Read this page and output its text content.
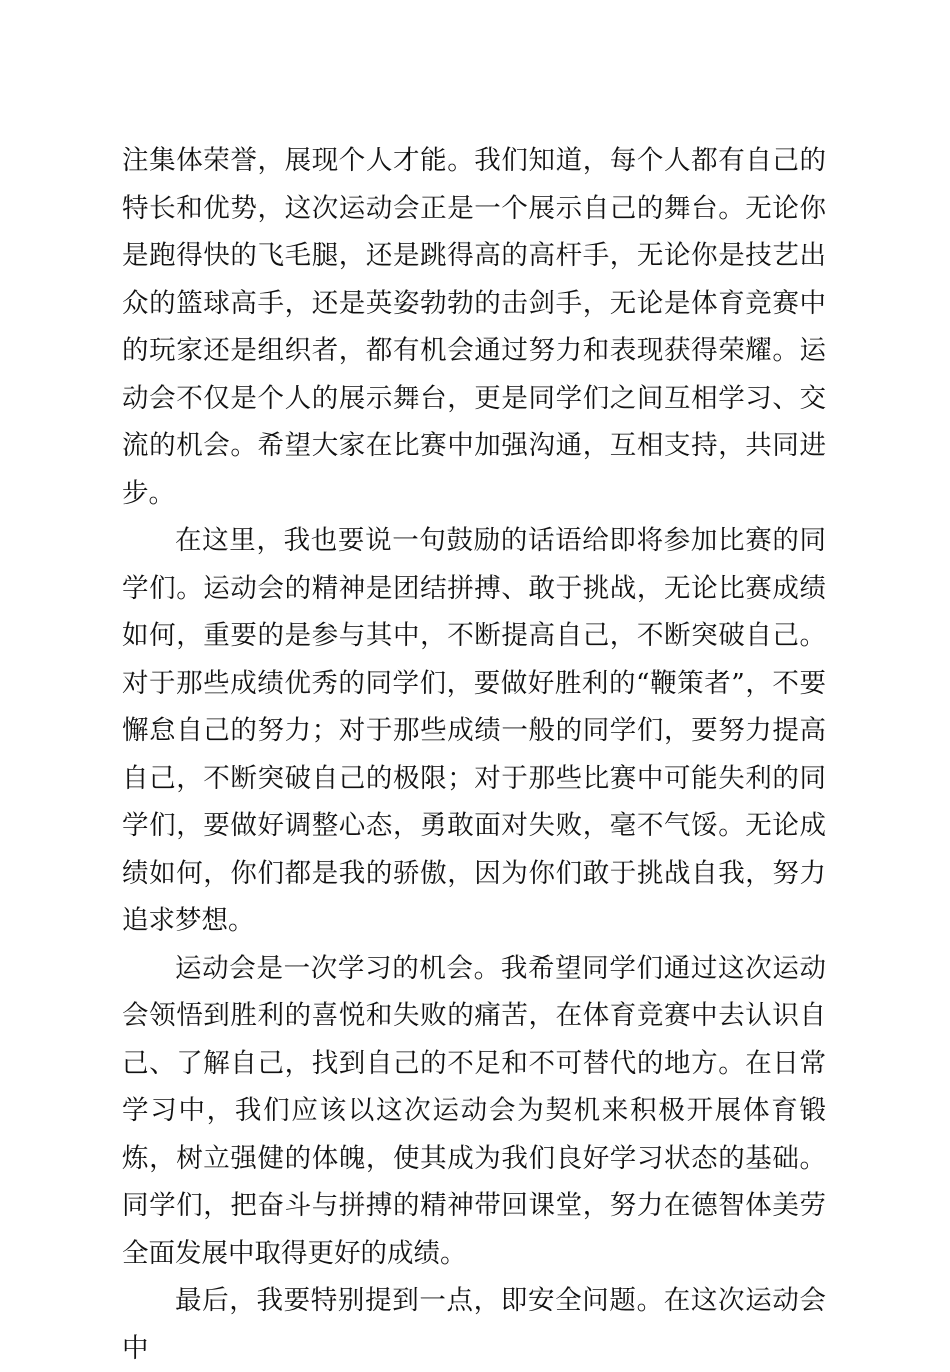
注集体荣誉，展现个人才能。我们知道，每个人都有自己的特长和优势，这次运动会正是一个展示自己的舞台。无论你是跑得快的飞毛腿，还是跳得高的高杆手，无论你是技艺出众的篮球高手，还是英姿勃勃的击剑手，无论是体育竞赛中的玩家还是组织者，都有机会通过努力和表现获得荣耀。运动会不仅是个人的展示舞台，更是同学们之间互相学习、交流的机会。希望大家在比赛中加强沟通，互相支持，共同进步。

在这里，我也要说一句鼓励的话语给即将参加比赛的同学们。运动会的精神是团结拼搏、敢于挑战，无论比赛成绩如何，重要的是参与其中，不断提高自己，不断突破自己。对于那些成绩优秀的同学们，要做好胜利的“鞭策者”，不要懈怠自己的努力；对于那些成绩一般的同学们，要努力提高自己，不断突破自己的极限；对于那些比赛中可能失利的同学们，要做好调整心态，勇敢面对失败，毫不气馁。无论成绩如何，你们都是我的骄傲，因为你们敢于挑战自我，努力追求梦想。

运动会是一次学习的机会。我希望同学们通过这次运动会领悟到胜利的喜悦和失败的痛苦，在体育竞赛中去认识自己、了解自己，找到自己的不足和不可替代的地方。在日常学习中，我们应该以这次运动会为契机来积极开展体育锻炼，树立强健的体魄，使其成为我们良好学习状态的基础。同学们，把奋斗与拼搏的精神带回课堂，努力在德智体美劳全面发展中取得更好的成绩。

最后，我要特别提到一点，即安全问题。在这次运动会中
